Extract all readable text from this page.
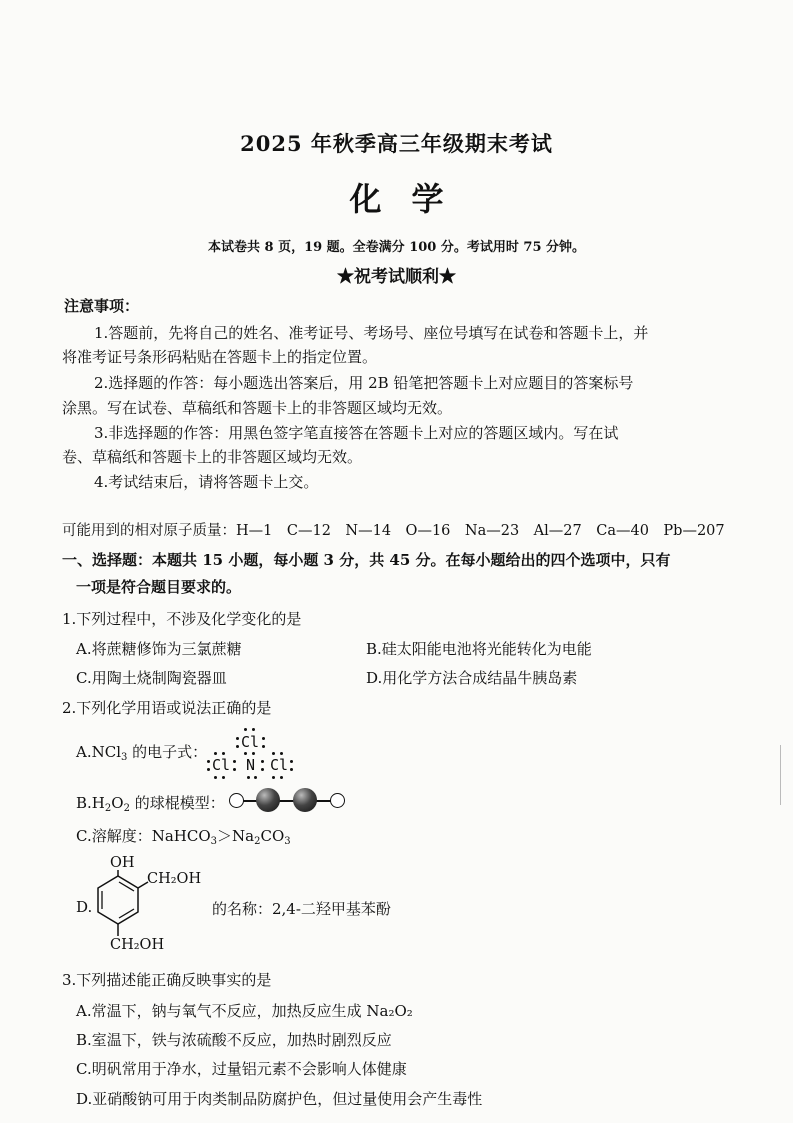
2025 年秋季高三年级期末考试
化学
本试卷共 8 页，19 题。全卷满分 100 分。考试用时 75 分钟。
★祝考试顺利★
注意事项：
1.答题前，先将自己的姓名、准考证号、考场号、座位号填写在试卷和答题卡上，并
将准考证号条形码粘贴在答题卡上的指定位置。
2.选择题的作答：每小题选出答案后，用 2B 铅笔把答题卡上对应题目的答案标号
涂黑。写在试卷、草稿纸和答题卡上的非答题区域均无效。
3.非选择题的作答：用黑色签字笔直接答在答题卡上对应的答题区域内。写在试
卷、草稿纸和答题卡上的非答题区域均无效。
4.考试结束后，请将答题卡上交。
可能用到的相对原子质量：H—1　C—12　N—14　O—16　Na—23　Al—27　Ca—40　Pb—207
一、选择题：本题共 15 小题，每小题 3 分，共 45 分。在每小题给出的四个选项中，只有
一项是符合题目要求的。
1.下列过程中，不涉及化学变化的是
A.将蔗糖修饰为三氯蔗糖	B.硅太阳能电池将光能转化为电能
C.用陶土烧制陶瓷器皿	D.用化学方法合成结晶牛胰岛素
2.下列化学用语或说法正确的是
A.NCl$_3$ 的电子式：
Cl
Cl N Cl
$B.H_2O_2$ 的球棍模型：
C.溶解度：$NaHCO_3>Na_2CO_3$
D.
OH
CH₂OH
CH₂OH
的名称：2,4-二羟甲基苯酚
3.下列描述能正确反映事实的是
A.常温下，钠与氧气不反应，加热反应生成 Na₂O₂
B.室温下，铁与浓硫酸不反应，加热时剧烈反应
C.明矾常用于净水，过量铝元素不会影响人体健康
D.亚硝酸钠可用于肉类制品防腐护色，但过量使用会产生毒性
